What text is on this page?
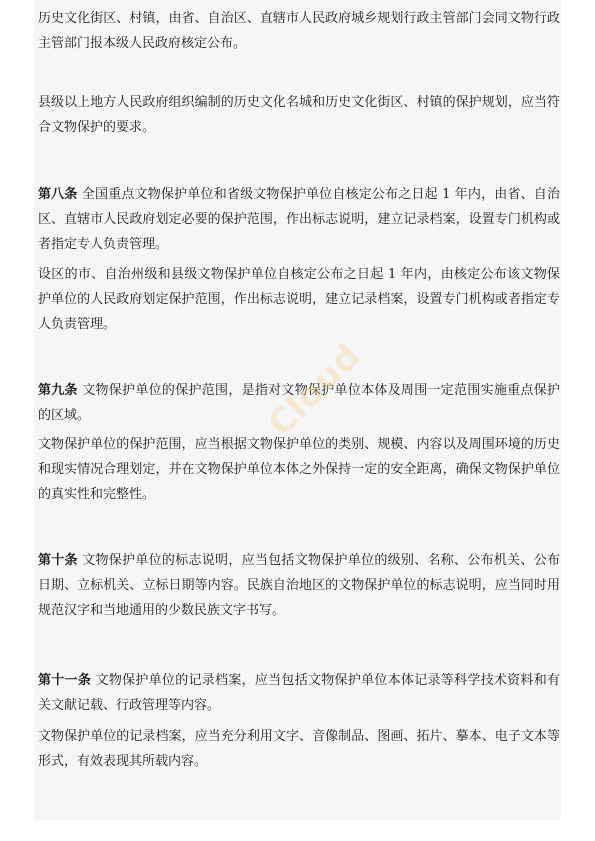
历史文化街区、村镇，由省、自治区、直辖市人民政府城乡规划行政主管部门会同文物行政主管部门报本级人民政府核定公布。

县级以上地方人民政府组织编制的历史文化名城和历史文化街区、村镇的保护规划，应当符合文物保护的要求。

第八条 全国重点文物保护单位和省级文物保护单位自核定公布之日起 1 年内，由省、自治区、直辖市人民政府划定必要的保护范围，作出标志说明，建立记录档案，设置专门机构或者指定专人负责管理。

设区的市、自治州级和县级文物保护单位自核定公布之日起 1 年内，由核定公布该文物保护单位的人民政府划定保护范围，作出标志说明，建立记录档案，设置专门机构或者指定专人负责管理。

第九条 文物保护单位的保护范围，是指对文物保护单位本体及周围一定范围实施重点保护的区域。

文物保护单位的保护范围，应当根据文物保护单位的类别、规模、内容以及周围环境的历史和现实情况合理划定，并在文物保护单位本体之外保持一定的安全距离，确保文物保护单位的真实性和完整性。

第十条 文物保护单位的标志说明，应当包括文物保护单位的级别、名称、公布机关、公布日期、立标机关、立标日期等内容。民族自治地区的文物保护单位的标志说明，应当同时用规范汉字和当地通用的少数民族文字书写。

第十一条 文物保护单位的记录档案，应当包括文物保护单位本体记录等科学技术资料和有关文献记载、行政管理等内容。

文物保护单位的记录档案，应当充分利用文字、音像制品、图画、拓片、摹本、电子文本等形式，有效表现其所载内容。

Cloud
